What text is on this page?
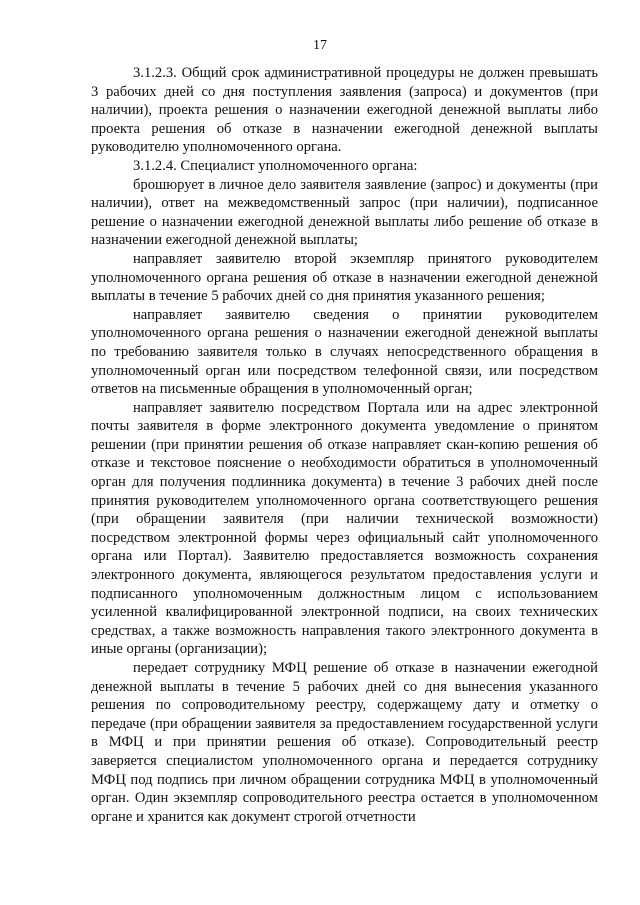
17

3.1.2.3. Общий срок административной процедуры не должен превышать 3 рабочих дней со дня поступления заявления (запроса) и документов (при наличии), проекта решения о назначении ежегодной денежной выплаты либо проекта решения об отказе в назначении ежегодной денежной выплаты руководителю уполномоченного органа.

3.1.2.4. Специалист уполномоченного органа:

брошюрует в личное дело заявителя заявление (запрос) и документы (при наличии), ответ на межведомственный запрос (при наличии), подписанное решение о назначении ежегодной денежной выплаты либо решение об отказе в назначении ежегодной денежной выплаты;

направляет заявителю второй экземпляр принятого руководителем уполномоченного органа решения об отказе в назначении ежегодной денежной выплаты в течение 5 рабочих дней со дня принятия указанного решения;

направляет заявителю сведения о принятии руководителем уполномоченного органа решения о назначении ежегодной денежной выплаты по требованию заявителя только в случаях непосредственного обращения в уполномоченный орган или посредством телефонной связи, или посредством ответов на письменные обращения в уполномоченный орган;

направляет заявителю посредством Портала или на адрес электронной почты заявителя в форме электронного документа уведомление о принятом решении (при принятии решения об отказе направляет скан-копию решения об отказе и текстовое пояснение о необходимости обратиться в уполномоченный орган для получения подлинника документа) в течение 3 рабочих дней после принятия руководителем уполномоченного органа соответствующего решения (при обращении заявителя (при наличии технической возможности) посредством электронной формы через официальный сайт уполномоченного органа или Портал). Заявителю предоставляется возможность сохранения электронного документа, являющегося результатом предоставления услуги и подписанного уполномоченным должностным лицом с использованием усиленной квалифицированной электронной подписи, на своих технических средствах, а также возможность направления такого электронного документа в иные органы (организации);

передает сотруднику МФЦ решение об отказе в назначении ежегодной денежной выплаты в течение 5 рабочих дней со дня вынесения указанного решения по сопроводительному реестру, содержащему дату и отметку о передаче (при обращении заявителя за предоставлением государственной услуги в МФЦ и при принятии решения об отказе). Сопроводительный реестр заверяется специалистом уполномоченного органа и передается сотруднику МФЦ под подпись при личном обращении сотрудника МФЦ в уполномоченный орган. Один экземпляр сопроводительного реестра остается в уполномоченном органе и хранится как документ строгой отчетности
